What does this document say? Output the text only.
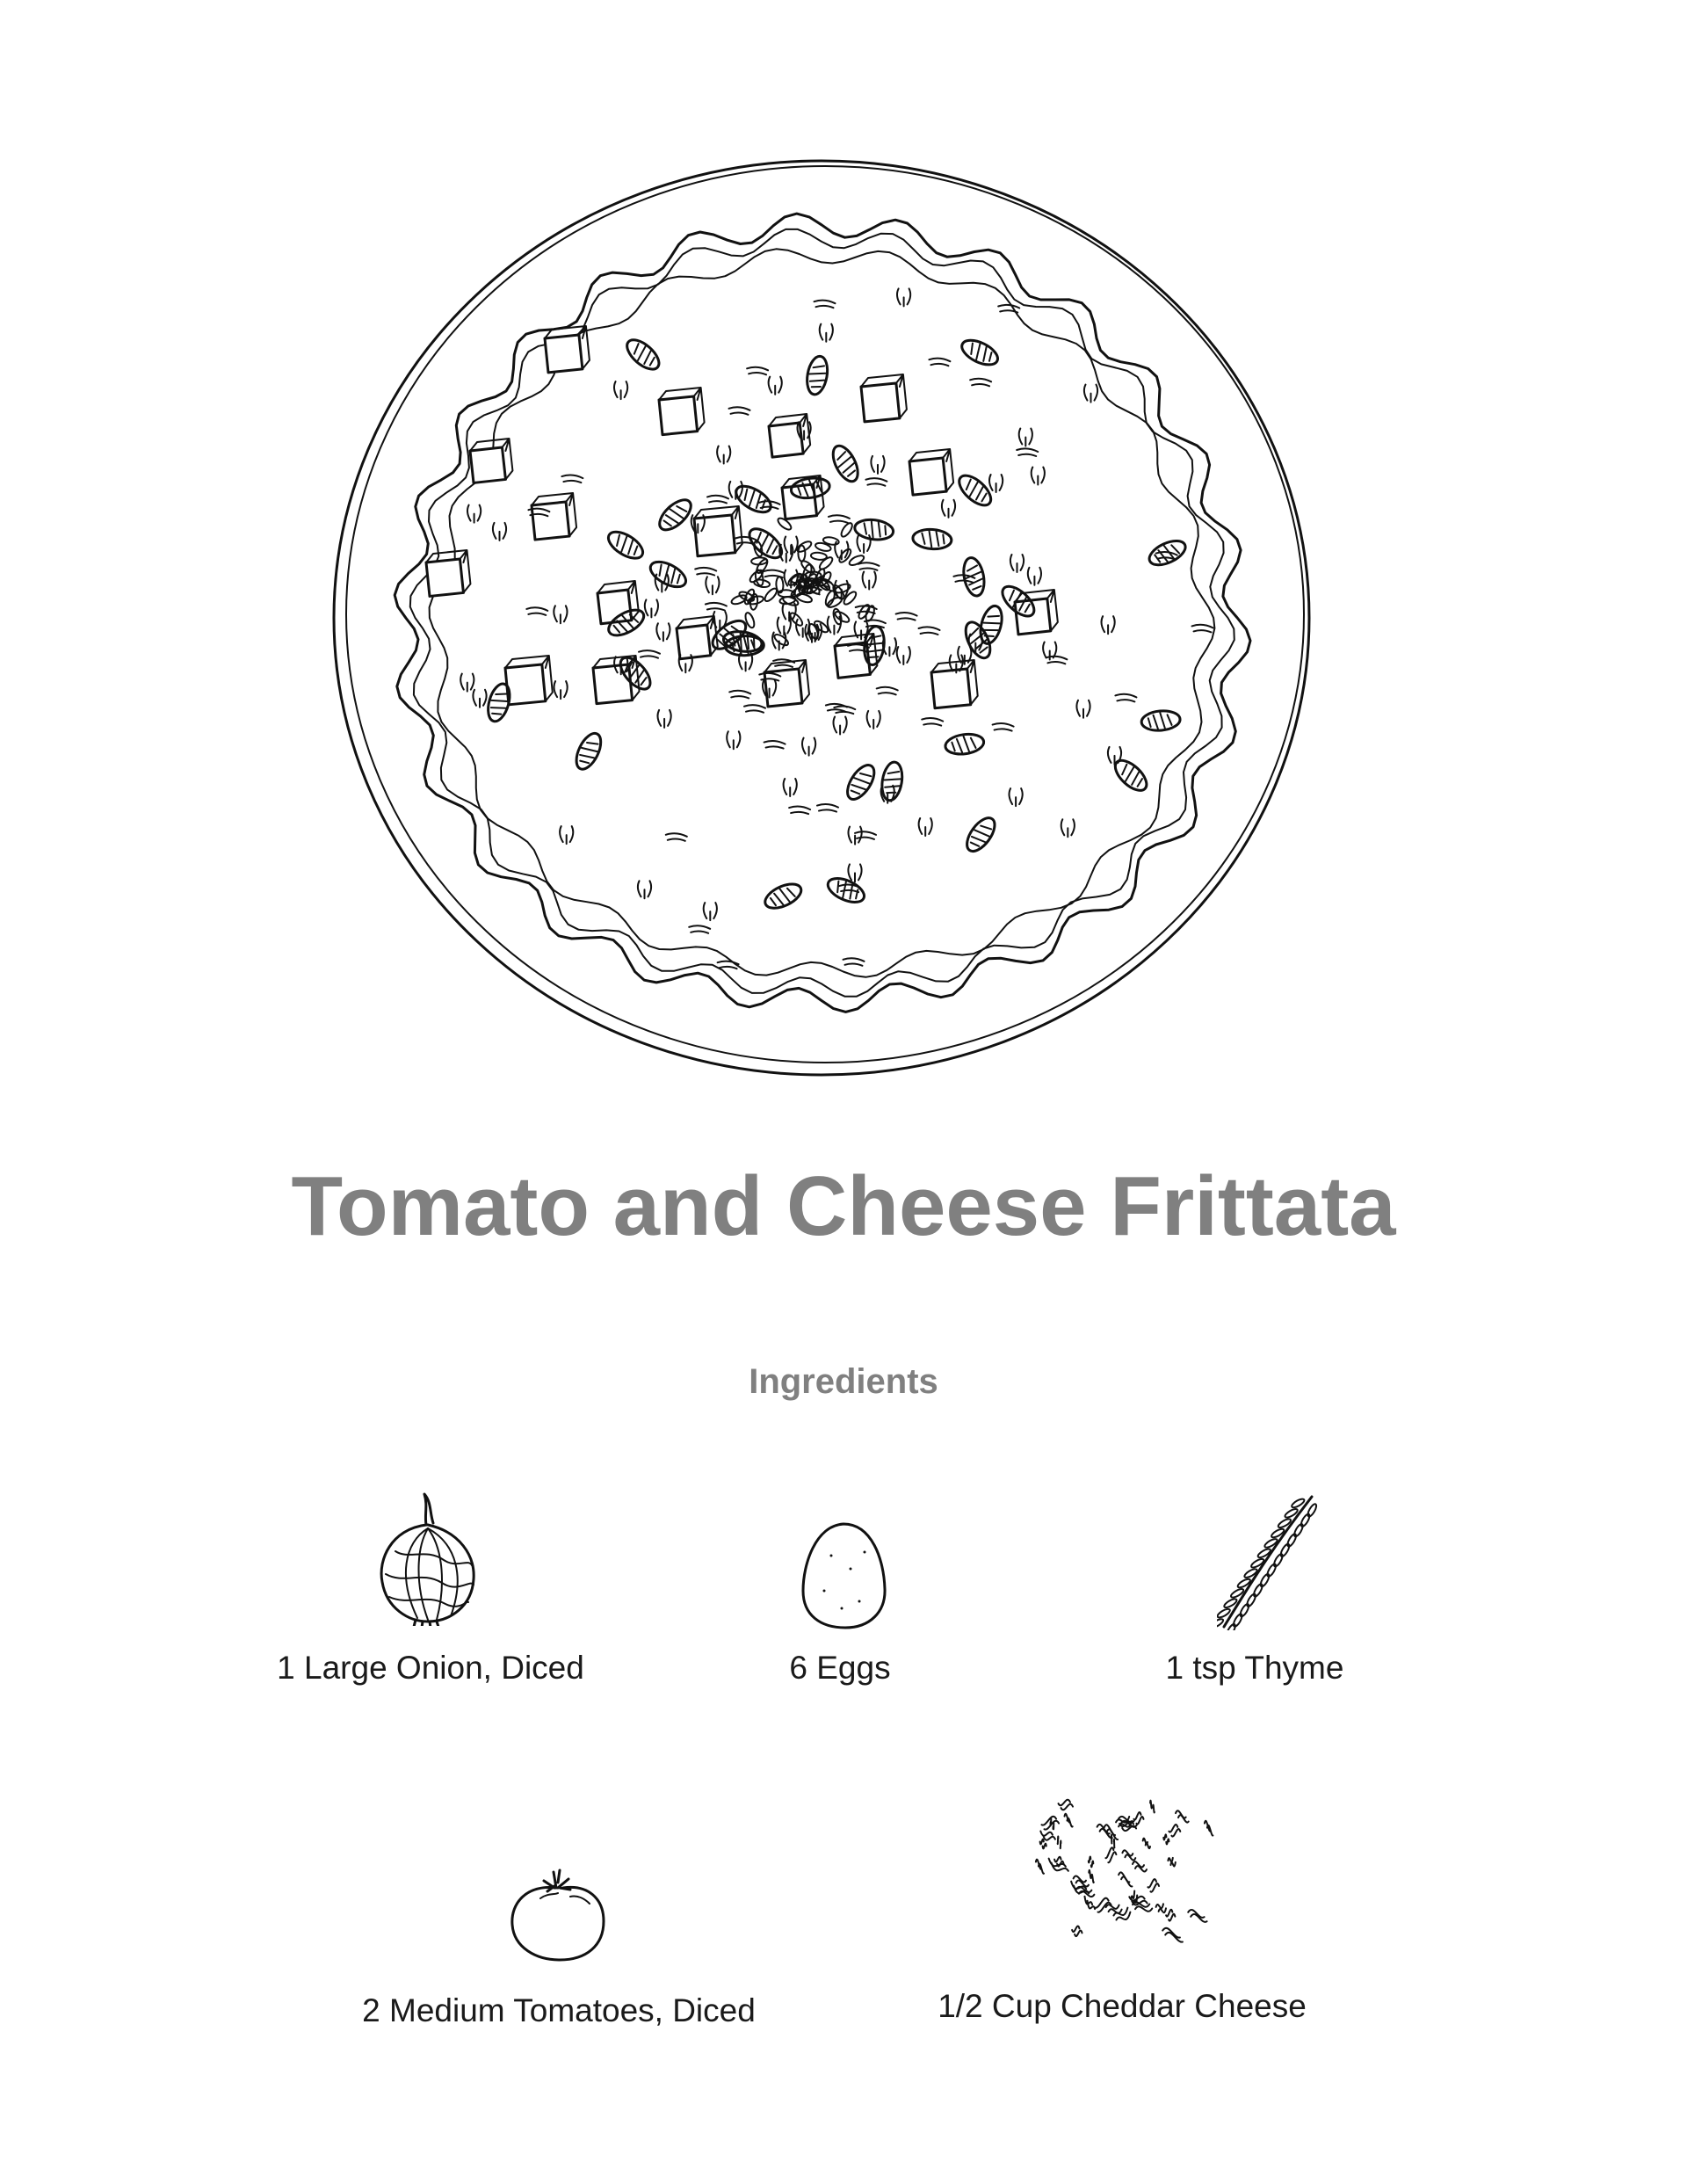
Tomato and Cheese Frittata
Ingredients
1 Large Onion, Diced	6 Eggs	1 tsp Thyme
2 Medium Tomatoes, Diced	1/2 Cup Cheddar Cheese
